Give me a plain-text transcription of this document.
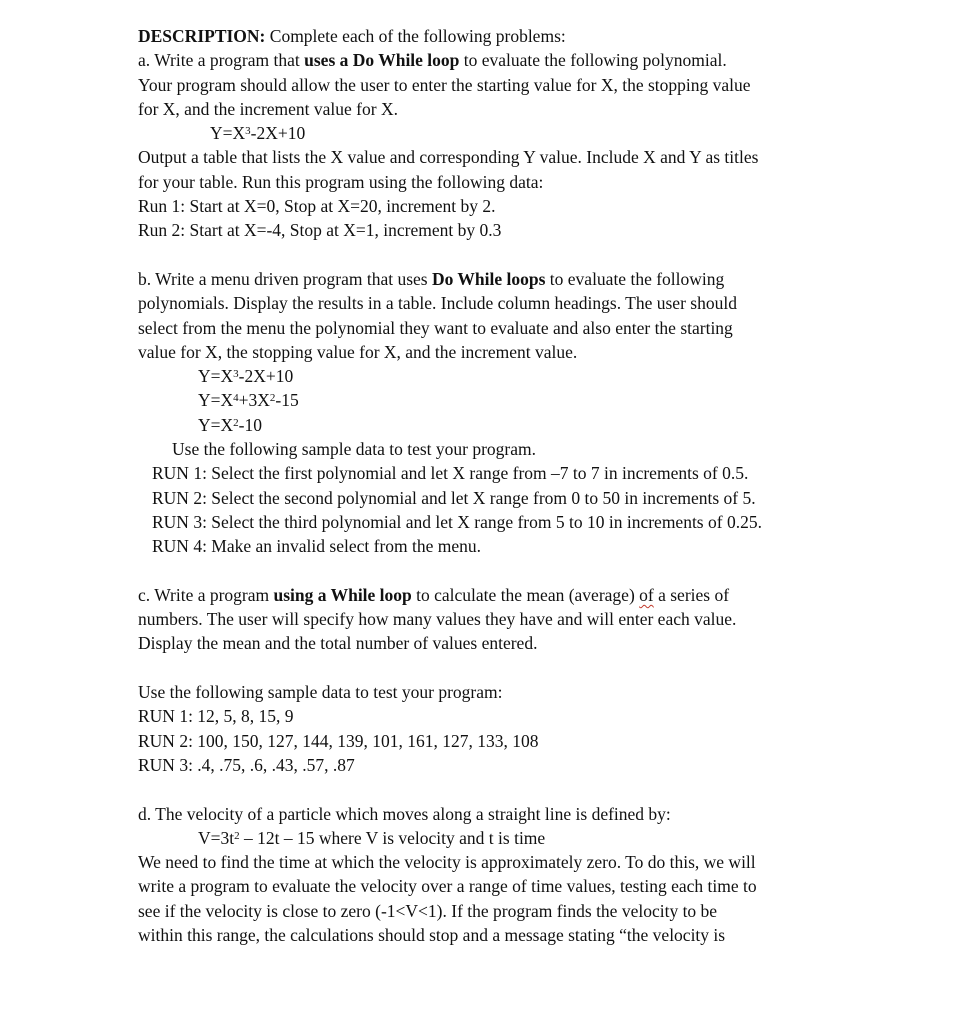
DESCRIPTION: Complete each of the following problems:
a. Write a program that uses a Do While loop to evaluate the following polynomial.
Your program should allow the user to enter the starting value for X, the stopping value
for X, and the increment value for X.
$Y=X^3-2X+10$
Output a table that lists the X value and corresponding Y value. Include X and Y as titles
for your table. Run this program using the following data:
Run 1: Start at X=0, Stop at X=20, increment by 2.
Run 2: Start at X=-4, Stop at X=1, increment by 0.3
b. Write a menu driven program that uses Do While loops to evaluate the following
polynomials. Display the results in a table. Include column headings. The user should
select from the menu the polynomial they want to evaluate and also enter the starting
value for X, the stopping value for X, and the increment value.
$Y=X^3-2X+10$
$Y=X^4+3X^2-15$
$Y=X^2-10$
Use the following sample data to test your program.
RUN 1: Select the first polynomial and let X range from –7 to 7 in increments of 0.5.
RUN 2: Select the second polynomial and let X range from 0 to 50 in increments of 5.
RUN 3: Select the third polynomial and let X range from 5 to 10 in increments of 0.25.
RUN 4: Make an invalid select from the menu.
c. Write a program using a While loop to calculate the mean (average) of a series of
numbers. The user will specify how many values they have and will enter each value.
Display the mean and the total number of values entered.
Use the following sample data to test your program:
RUN 1: 12, 5, 8, 15, 9
RUN 2: 100, 150, 127, 144, 139, 101, 161, 127, 133, 108
RUN 3: .4, .75, .6, .43, .57, .87
d. The velocity of a particle which moves along a straight line is defined by:
$V=3t^2 - 12t - 15$ where V is velocity and t is time
We need to find the time at which the velocity is approximately zero. To do this, we will
write a program to evaluate the velocity over a range of time values, testing each time to
see if the velocity is close to zero (-1<V<1). If the program finds the velocity to be
within this range, the calculations should stop and a message stating “the velocity is
